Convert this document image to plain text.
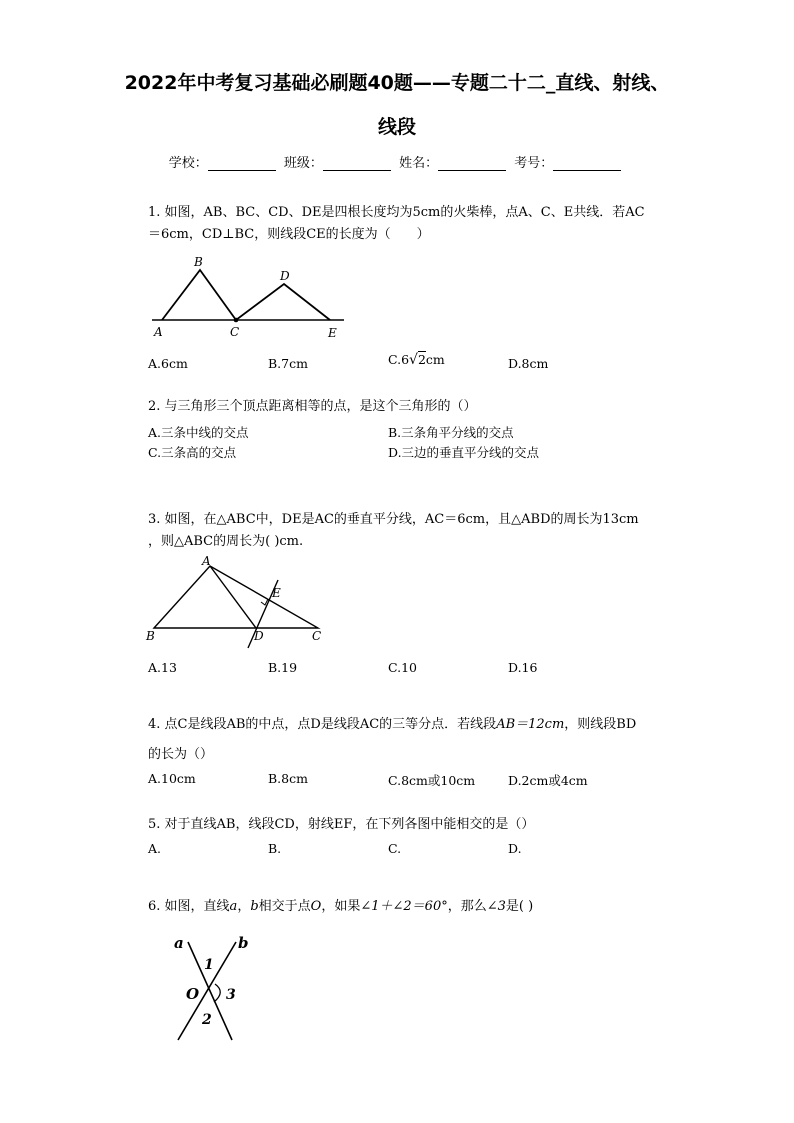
2022年中考复习基础必刷题40题——专题二十二_直线、射线、
线段
学校：	班级：	姓名：	考号：
1. 如图，AB、BC、CD、DE是四根长度均为5cm的火柴棒，点A、C、E共线．若AC
＝6cm，CD⊥BC，则线段CE的长度为（　　）
A
B
C
D
E
A.6cm	B.7cm	C.6√2cm	D.8cm
2. 与三角形三个顶点距离相等的点，是这个三角形的（）
A.三条中线的交点	B.三条角平分线的交点
C.三条高的交点	D.三边的垂直平分线的交点
3. 如图，在△ABC中，DE是AC的垂直平分线，AC＝6cm，且△ABD的周长为13cm
，则△ABC的周长为( )cm.
B
A
D
E
C
A.13	B.19	C.10	D.16
4. 点C是线段AB的中点，点D是线段AC的三等分点．若线段AB＝12cm，则线段BD
的长为（）
A.10cm	B.8cm	C.8cm或10cm	D.2cm或4cm
5. 对于直线AB，线段CD，射线EF，在下列各图中能相交的是（）
A.	B.	C.	D.
6. 如图，直线a，b相交于点O，如果∠1＋∠2＝60°，那么∠3是( )
a	b
O
1
2
3
